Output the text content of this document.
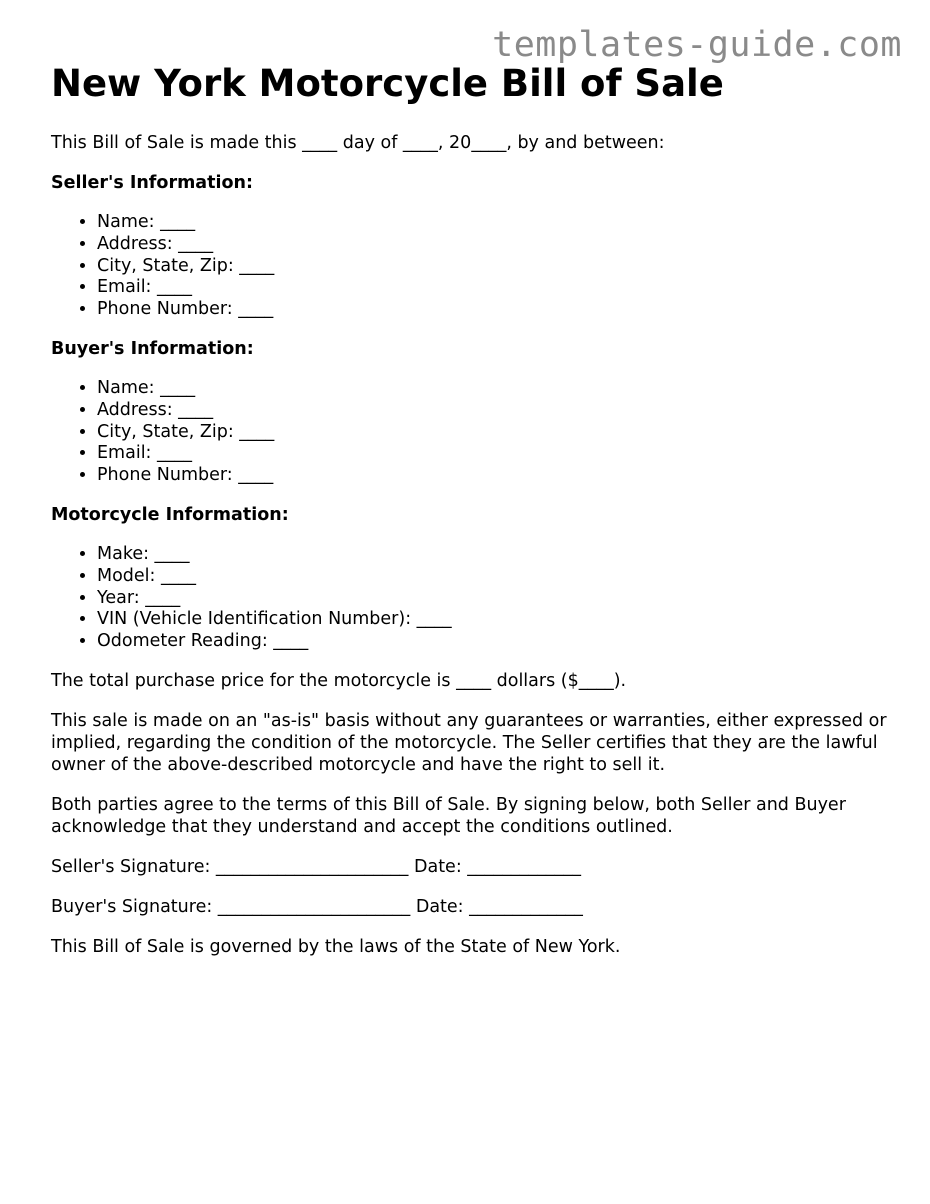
templates-guide.com
New York Motorcycle Bill of Sale

This Bill of Sale is made this ____ day of ____, 20____, by and between:

Seller's Information:
• Name: ____
• Address: ____
• City, State, Zip: ____
• Email: ____
• Phone Number: ____
Buyer's Information:
• Name: ____
• Address: ____
• City, State, Zip: ____
• Email: ____
• Phone Number: ____
Motorcycle Information:
• Make: ____
• Model: ____
• Year: ____
• VIN (Vehicle Identification Number): ____
• Odometer Reading: ____

The total purchase price for the motorcycle is ____ dollars ($____).

This sale is made on an "as-is" basis without any guarantees or warranties, either expressed or implied, regarding the condition of the motorcycle. The Seller certifies that they are the lawful owner of the above-described motorcycle and have the right to sell it.

Both parties agree to the terms of this Bill of Sale. By signing below, both Seller and Buyer acknowledge that they understand and accept the conditions outlined.

Seller's Signature: ______________________ Date: _____________

Buyer's Signature: ______________________ Date: _____________

This Bill of Sale is governed by the laws of the State of New York.
